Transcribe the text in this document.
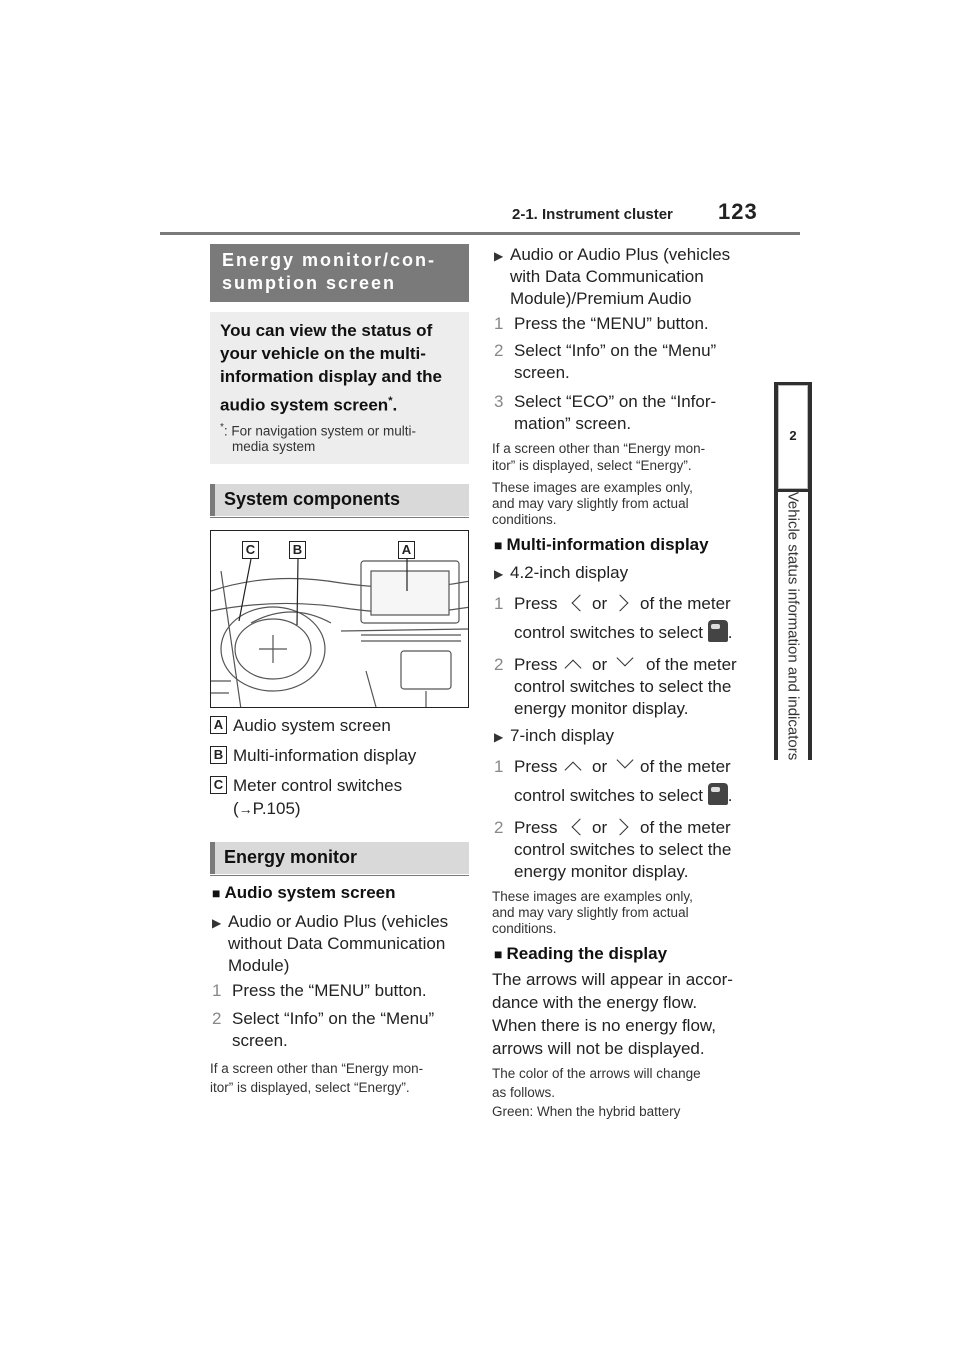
2-1. Instrument cluster 123
2
Vehicle status information and indicators
Energy monitor/con-
sumption screen
You can view the status of
your vehicle on the multi-
information display and the
audio system screen*.
*: For navigation system or multi-
media system
System components
C	B	A
A Audio system screen
B Multi-information display
C Meter control switches
(→P.105)
Energy monitor
■ Audio system screen
▶ Audio or Audio Plus (vehicles
without Data Communication
Module)
1 Press the “MENU” button.
2 Select “Info” on the “Menu”
screen.
If a screen other than “Energy mon-
itor” is displayed, select “Energy”.
▶ Audio or Audio Plus (vehicles
with Data Communication
Module)/Premium Audio
1 Press the “MENU” button.
2 Select “Info” on the “Menu”
screen.
3 Select “ECO” on the “Infor-
mation” screen.
If a screen other than “Energy mon-
itor” is displayed, select “Energy”.
These images are examples only,
and may vary slightly from actual
conditions.
■ Multi-information display
▶ 4.2-inch display
1 Press or of the meter
control switches to select .
2 Press or of the meter
control switches to select the
energy monitor display.
▶ 7-inch display
1 Press or of the meter
control switches to select .
2 Press or of the meter
control switches to select the
energy monitor display.
These images are examples only,
and may vary slightly from actual
conditions.
■ Reading the display
The arrows will appear in accor-
dance with the energy flow.
When there is no energy flow,
arrows will not be displayed.
The color of the arrows will change
as follows.
Green: When the hybrid battery
